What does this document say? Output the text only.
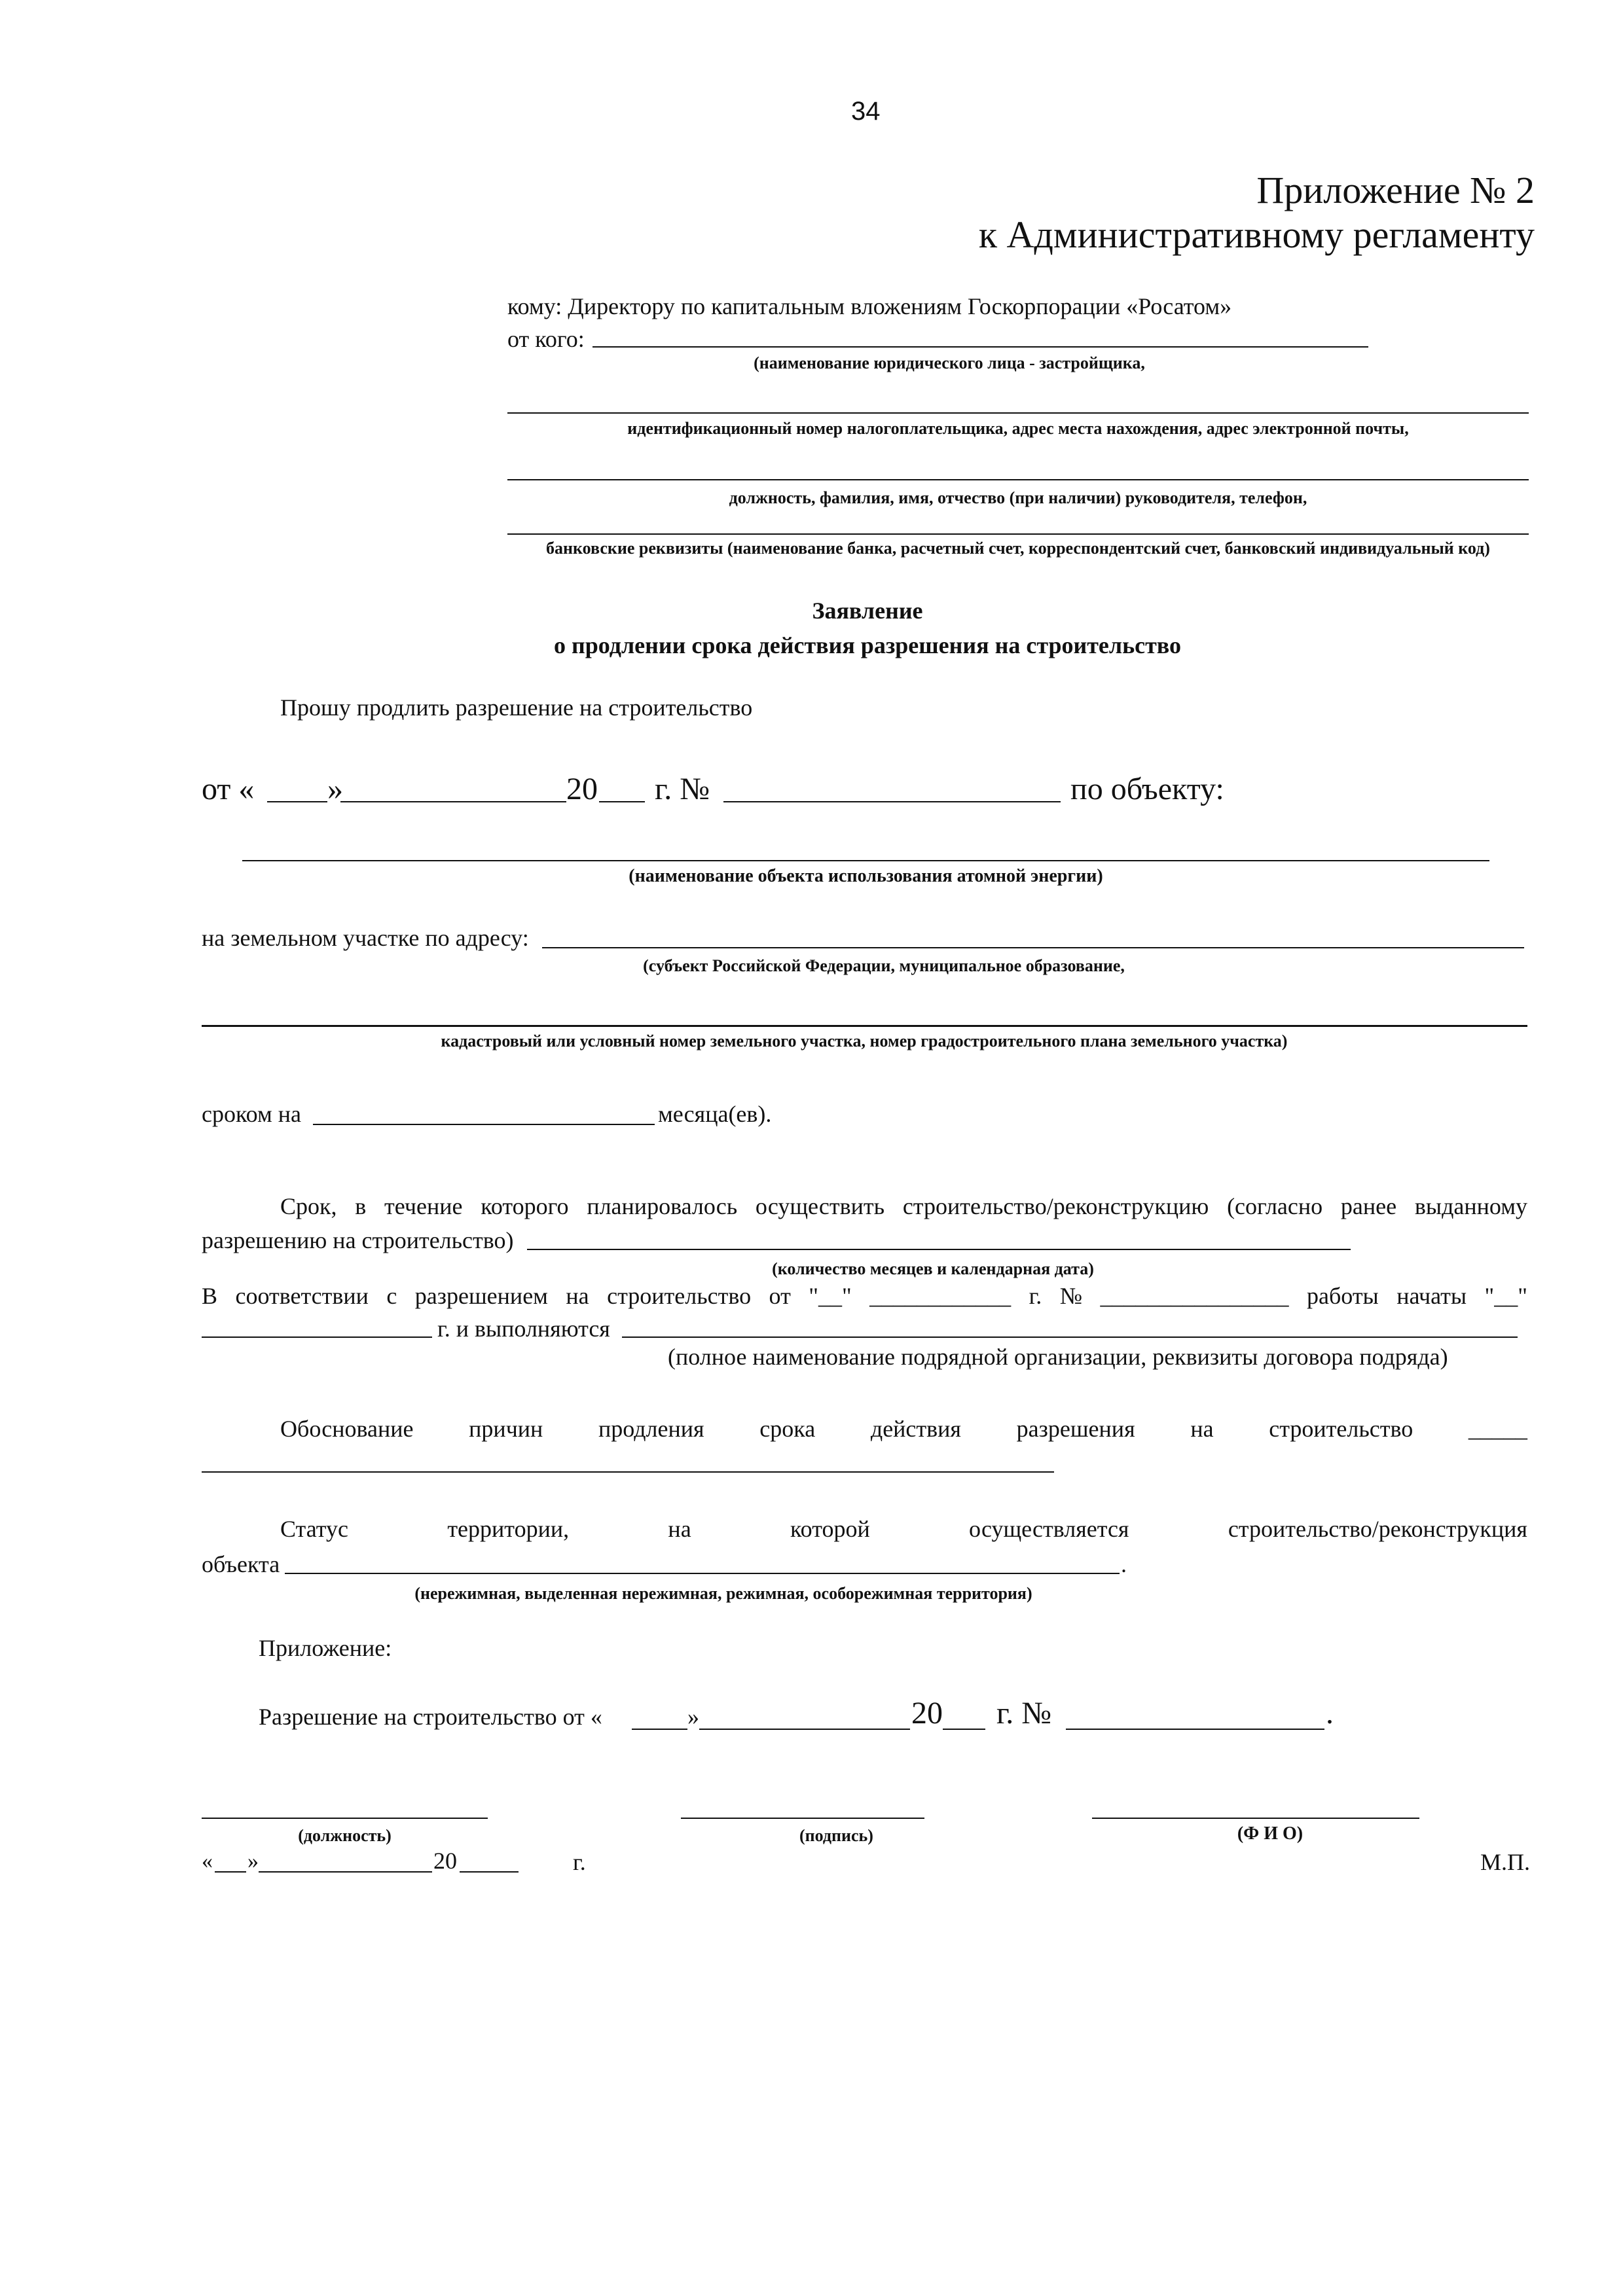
34
Приложение № 2
к Административному регламенту
кому: Директору по капитальным вложениям Госкорпорации «Росатом»
от кого:
(наименование юридического лица - застройщика,
идентификационный номер налогоплательщика, адрес места нахождения, адрес электронной почты,
должность, фамилия, имя, отчество (при наличии) руководителя, телефон,
банковские реквизиты (наименование банка, расчетный счет, корреспондентский счет, банковский индивидуальный код)
Заявление
о продлении срока действия разрешения на строительство
Прошу продлить разрешение на строительство
от « »	20 г. №	по объекту:
(наименование объекта использования атомной энергии)
на земельном участке по адресу:
(субъект Российской Федерации, муниципальное образование,
кадастровый или условный номер земельного участка, номер градостроительного плана земельного участка)
сроком на	месяца(ев).
Срок, в течение которого планировалось осуществить строительство/реконструкцию (согласно ранее выданному
разрешению на строительство)
(количество месяцев и календарная дата)
В соответствии с разрешением на строительство от "__" ____________ г. № ________________ работы начаты "__"
г. и выполняются
(полное наименование подрядной организации, реквизиты договора подряда)
Обоснование причин продления срока действия разрешения на строительство _____
Статус	территории,	на	которой	осуществляется	строительство/реконструкция
объекта	.
(нережимная, выделенная нережимная, режимная, особорежимная территория)
Приложение:
Разрешение на строительство от «	»	20 г. №	.
(должность)	(подпись)	(Ф И О)
« »	20	г.	М.П.
